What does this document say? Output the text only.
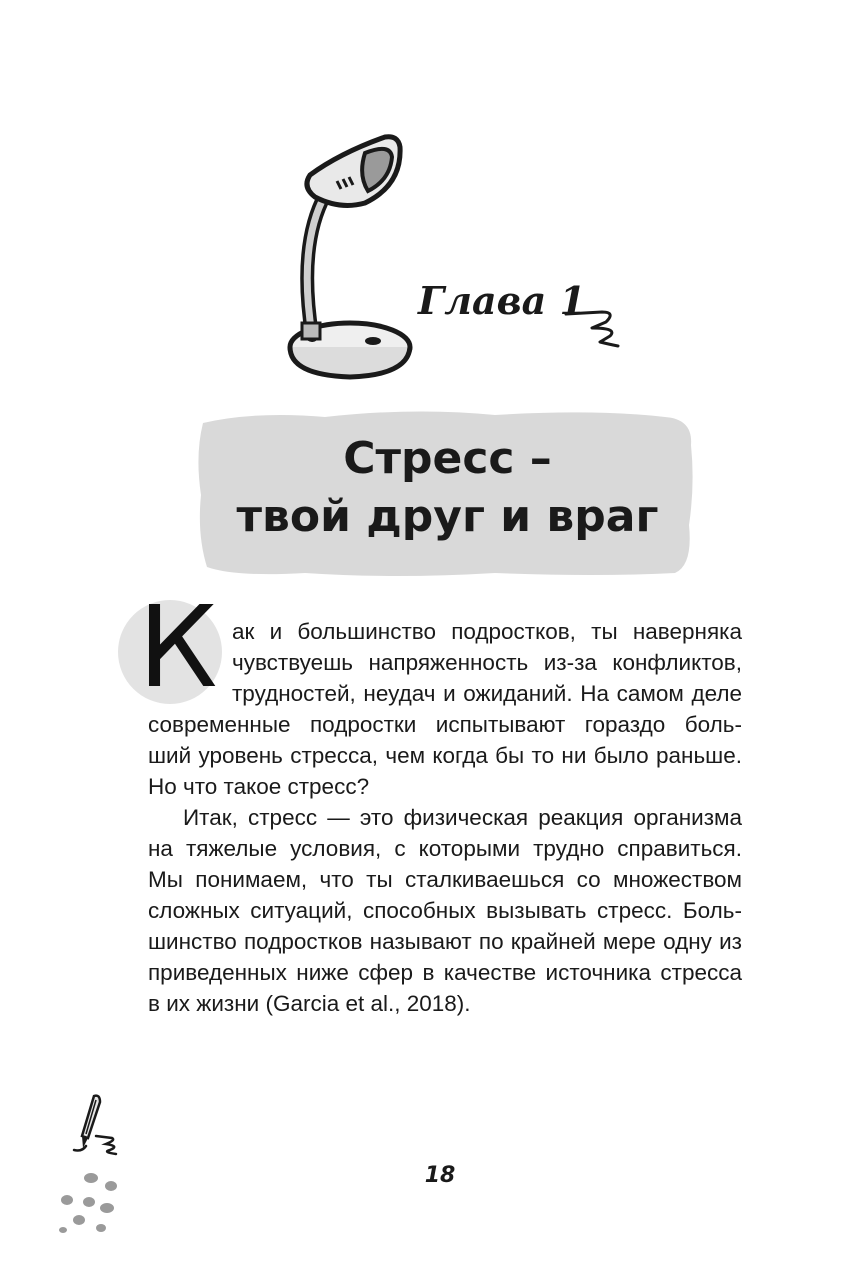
Глава 1
Стресс –
твой друг и враг
К ак и большинство подростков, ты наверняка
чувствуешь напряженность из-за конфликтов,
трудностей, неудач и ожиданий. На самом деле
современные подростки испытывают гораздо боль-
ший уровень стресса, чем когда бы то ни было раньше.
Но что такое стресс?
Итак, стресс — это физическая реакция организма
на тяжелые условия, с которыми трудно справиться.
Мы понимаем, что ты сталкиваешься со множеством
сложных ситуаций, способных вызывать стресс. Боль-
шинство подростков называют по крайней мере одну из
приведенных ниже сфер в качестве источника стресса
в их жизни (Garcia et al., 2018).
18
